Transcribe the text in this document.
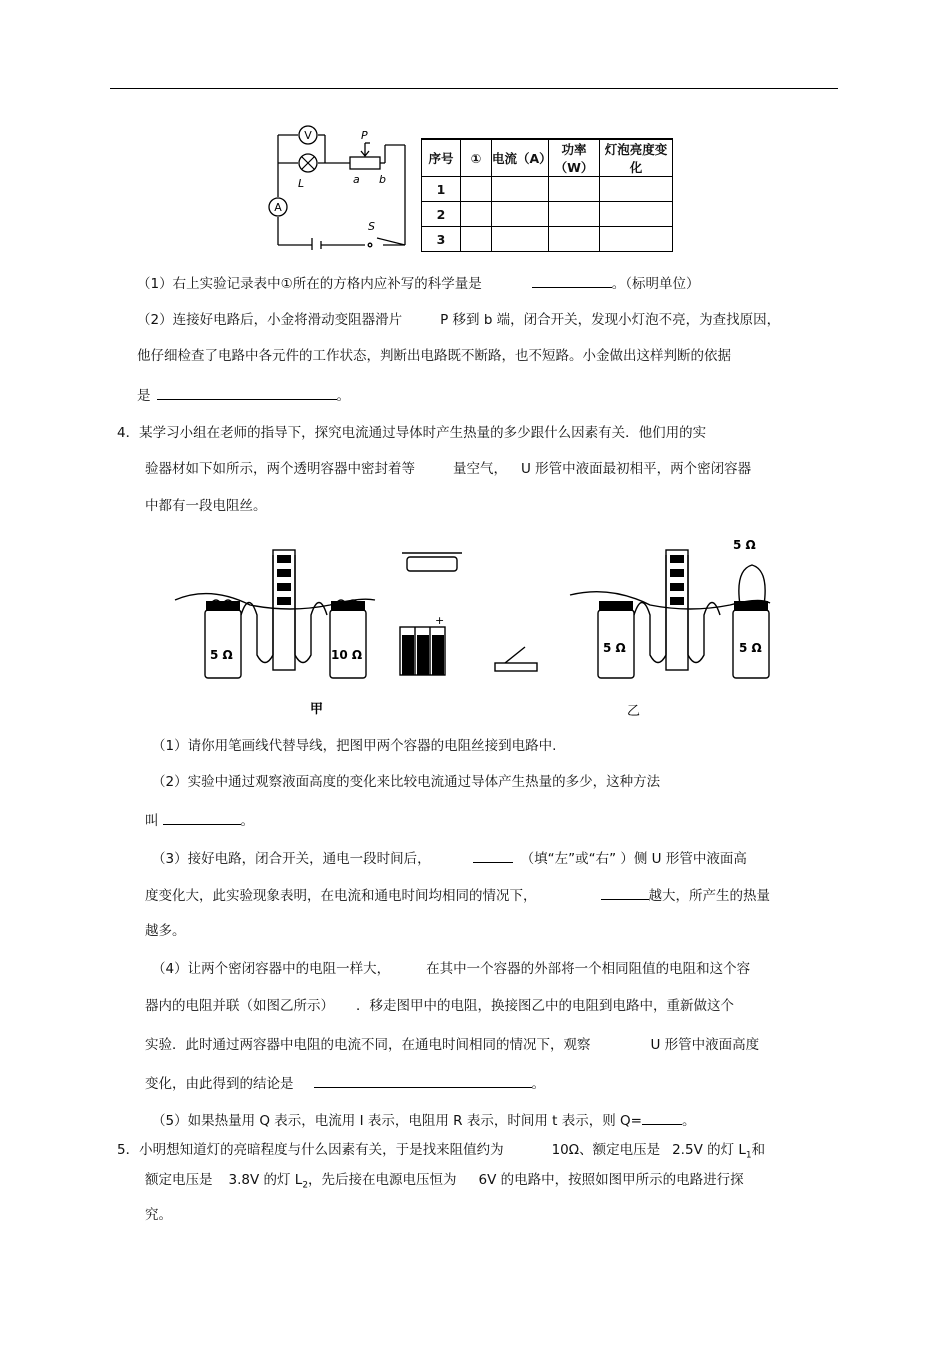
V
A
P
L	a b
S
序号	①	电流（A）	功率（W）	灯泡亮度变化
1				
2				
3				
（1）右上实验记录表中①所在的方格内应补写的科学量是	。（标明单位）
（2）连接好电路后，小金将滑动变阻器滑片	P 移到 b 端，闭合开关，发现小灯泡不亮，为查找原因，
他仔细检查了电路中各元件的工作状态，判断出电路既不断路，也不短路。小金做出这样判断的依据
是	。
4．某学习小组在老师的指导下，探究电流通过导体时产生热量的多少跟什么因素有关．他们用的实
验器材如下如所示，两个透明容器中密封着等	量空气， U 形管中液面最初相平，两个密闭容器
中都有一段电阻丝。
5 Ω	10 Ω
+
5 Ω	5 Ω
5 Ω
甲	乙
（1）请你用笔画线代替导线，把图甲两个容器的电阻丝接到电路中.
（2）实验中通过观察液面高度的变化来比较电流通过导体产生热量的多少，这种方法
叫	。
（3）接好电路，闭合开关，通电一段时间后，	（填“左”或“右” ）侧 U 形管中液面高
度变化大，此实验现象表明，在电流和通电时间均相同的情况下，	越大，所产生的热量
越多。
（4）让两个密闭容器中的电阻一样大，	在其中一个容器的外部将一个相同阻值的电阻和这个容
器内的电阻并联（如图乙所示） ．移走图甲中的电阻，换接图乙中的电阻到电路中，重新做这个
实验．此时通过两容器中电阻的电流不同，在通电时间相同的情况下，观察	U 形管中液面高度
变化，由此得到的结论是	。
（5）如果热量用 Q 表示，电流用 I 表示，电阻用 R 表示，时间用 t 表示，则 Q=	。
5．小明想知道灯的亮暗程度与什么因素有关，于是找来阻值约为	10Ω、额定电压是 2.5V 的灯 $L_1$和
额定电压是 3.8V 的灯 $L_2$，先后接在电源电压恒为 6V 的电路中，按照如图甲所示的电路进行探
究。
